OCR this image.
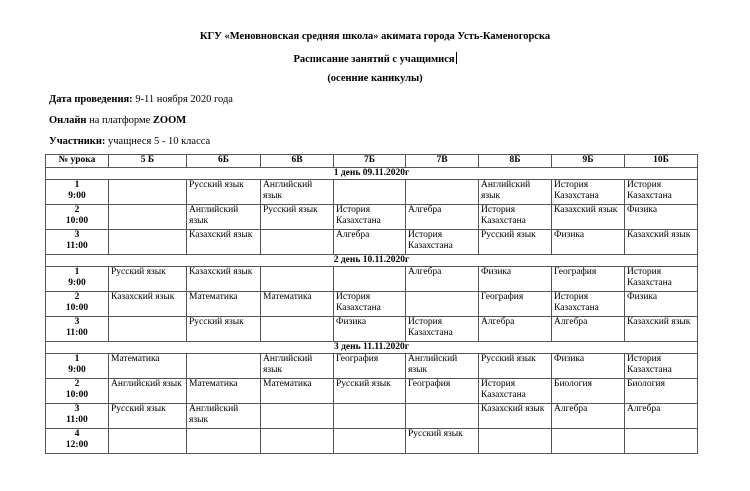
КГУ «Меновновская средняя школа» акимата города Усть-Каменогорска
Расписание занятий с учащимися
(осенние каникулы)
Дата проведения: 9-11 ноября 2020 года
Онлайн на платформе ZOOM
Участники: учащнеся 5 - 10 класса
№ урока	5 Б	6Б	6В	7Б	7В	8Б	9Б	10Б
1 день 09.11.2020г								

1
9:00		Русский язык	Английский язык			Английский язык	История Казахстана	История Казахстана

2
10:00		Английский язык	Русский язык	История Казахстана	Алгебра	История Казахстана	Казахский язык	Физика

3
11:00		Казахский язык		Алгебра	История Казахстана	Русский язык	Физика	Казахский язык
2 день 10.11.2020г								

1
9:00	Русский язык	Казахский язык			Алгебра	Физика	География	История Казахстана

2
10:00	Казахский язык	Математика	Математика	История Казахстана		География	История Казахстана	Физика

3
11:00		Русский язык		Физика	История Казахстана	Алгебра	Алгебра	Казахский язык
3 день 11.11.2020г								

1
9:00	Математика		Английский язык	География	Английский язык	Русский язык	Физика	История Казахстана

2
10:00	Английский язык	Математика	Математика	Русский язык	География	История Казахстана	Биология	Биология

3
11:00	Русский язык	Английский язык				Казахский язык	Алгебра	Алгебра

4
12:00					Русский язык			
